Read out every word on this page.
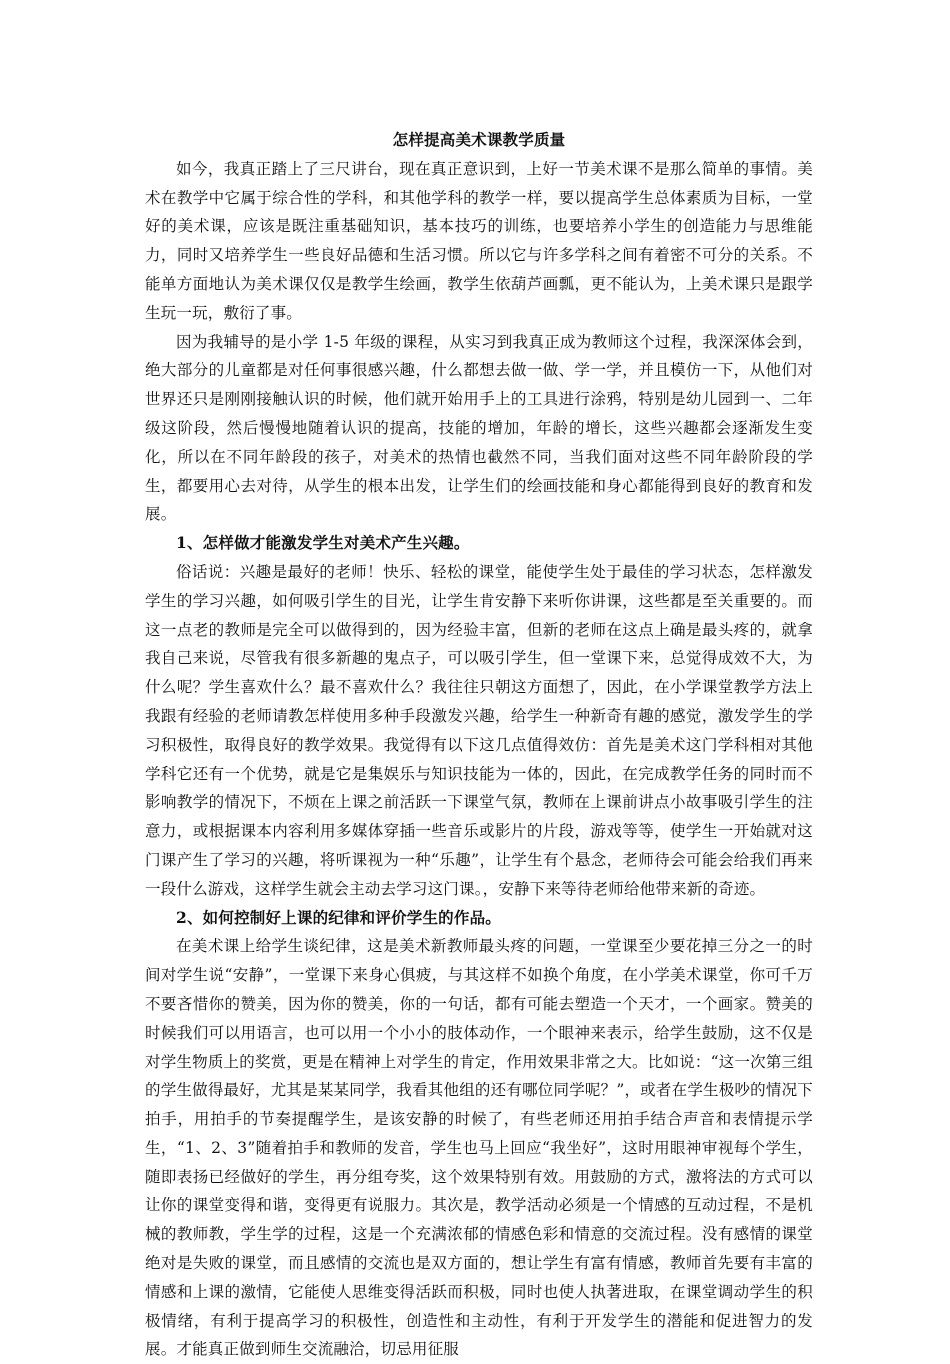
怎样提高美术课教学质量

如今，我真正踏上了三尺讲台，现在真正意识到，上好一节美术课不是那么简单的事情。美术在教学中它属于综合性的学科，和其他学科的教学一样，要以提高学生总体素质为目标，一堂好的美术课，应该是既注重基础知识，基本技巧的训练，也要培养小学生的创造能力与思维能力，同时又培养学生一些良好品德和生活习惯。所以它与许多学科之间有着密不可分的关系。不能单方面地认为美术课仅仅是教学生绘画，教学生依葫芦画瓢，更不能认为，上美术课只是跟学生玩一玩，敷衍了事。

因为我辅导的是小学 1-5 年级的课程，从实习到我真正成为教师这个过程，我深深体会到，绝大部分的儿童都是对任何事很感兴趣，什么都想去做一做、学一学，并且模仿一下，从他们对世界还只是刚刚接触认识的时候，他们就开始用手上的工具进行涂鸦，特别是幼儿园到一、二年级这阶段，然后慢慢地随着认识的提高，技能的增加，年龄的增长，这些兴趣都会逐渐发生变化，所以在不同年龄段的孩子，对美术的热情也截然不同，当我们面对这些不同年龄阶段的学生，都要用心去对待，从学生的根本出发，让学生们的绘画技能和身心都能得到良好的教育和发展。

1、怎样做才能激发学生对美术产生兴趣。

俗话说：兴趣是最好的老师！快乐、轻松的课堂，能使学生处于最佳的学习状态，怎样激发学生的学习兴趣，如何吸引学生的目光，让学生肯安静下来听你讲课，这些都是至关重要的。而这一点老的教师是完全可以做得到的，因为经验丰富，但新的老师在这点上确是最头疼的，就拿我自己来说，尽管我有很多新趣的鬼点子，可以吸引学生，但一堂课下来，总觉得成效不大，为什么呢？学生喜欢什么？最不喜欢什么？我往往只朝这方面想了，因此，在小学课堂教学方法上我跟有经验的老师请教怎样使用多种手段激发兴趣，给学生一种新奇有趣的感觉，激发学生的学习积极性，取得良好的教学效果。我觉得有以下这几点值得效仿：首先是美术这门学科相对其他学科它还有一个优势，就是它是集娱乐与知识技能为一体的，因此，在完成教学任务的同时而不影响教学的情况下，不烦在上课之前活跃一下课堂气氛，教师在上课前讲点小故事吸引学生的注意力，或根据课本内容利用多媒体穿插一些音乐或影片的片段，游戏等等，使学生一开始就对这门课产生了学习的兴趣，将听课视为一种“乐趣”，让学生有个悬念，老师待会可能会给我们再来一段什么游戏，这样学生就会主动去学习这门课。，安静下来等待老师给他带来新的奇迹。

2、如何控制好上课的纪律和评价学生的作品。

在美术课上给学生谈纪律，这是美术新教师最头疼的问题，一堂课至少要花掉三分之一的时间对学生说“安静”，一堂课下来身心俱疲，与其这样不如换个角度，在小学美术课堂，你可千万不要吝惜你的赞美，因为你的赞美，你的一句话，都有可能去塑造一个天才，一个画家。赞美的时候我们可以用语言，也可以用一个小小的肢体动作，一个眼神来表示，给学生鼓励，这不仅是对学生物质上的奖赏，更是在精神上对学生的肯定，作用效果非常之大。比如说：“这一次第三组的学生做得最好，尤其是某某同学，我看其他组的还有哪位同学呢？”，或者在学生极吵的情况下拍手，用拍手的节奏提醒学生，是该安静的时候了，有些老师还用拍手结合声音和表情提示学生，“1、2、3”随着拍手和教师的发音，学生也马上回应“我坐好”，这时用眼神审视每个学生，随即表扬已经做好的学生，再分组夸奖，这个效果特别有效。用鼓励的方式，激将法的方式可以让你的课堂变得和谐，变得更有说服力。其次是，教学活动必须是一个情感的互动过程，不是机械的教师教，学生学的过程，这是一个充满浓郁的情感色彩和情意的交流过程。没有感情的课堂绝对是失败的课堂，而且感情的交流也是双方面的，想让学生有富有情感，教师首先要有丰富的情感和上课的激情，它能使人思维变得活跃而积极，同时也使人执著进取，在课堂调动学生的积极情绪，有利于提高学习的积极性，创造性和主动性，有利于开发学生的潜能和促进智力的发展。才能真正做到师生交流融洽，切忌用征服
